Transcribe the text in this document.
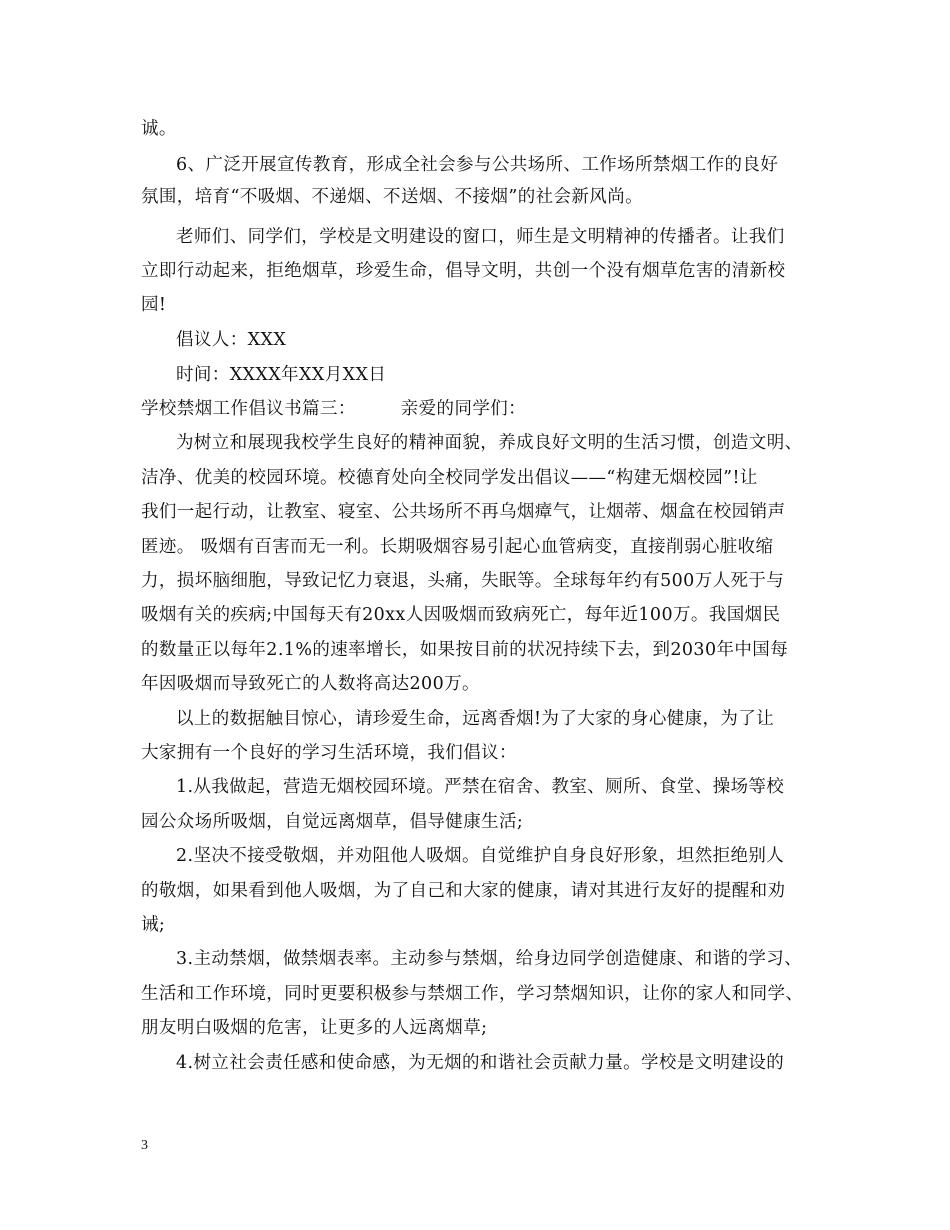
诚。
6、广泛开展宣传教育，形成全社会参与公共场所、工作场所禁烟工作的良好
氛围，培育“不吸烟、不递烟、不送烟、不接烟”的社会新风尚。
老师们、同学们，学校是文明建设的窗口，师生是文明精神的传播者。让我们
立即行动起来，拒绝烟草，珍爱生命，倡导文明，共创一个没有烟草危害的清新校
园!
倡议人：XXX
时间：XXXX年XX月XX日
学校禁烟工作倡议书篇三：　　　亲爱的同学们：
为树立和展现我校学生良好的精神面貌，养成良好文明的生活习惯，创造文明、
洁净、优美的校园环境。校德育处向全校同学发出倡议——“构建无烟校园”!让
我们一起行动，让教室、寝室、公共场所不再乌烟瘴气，让烟蒂、烟盒在校园销声
匿迹。 吸烟有百害而无一利。长期吸烟容易引起心血管病变，直接削弱心脏收缩
力，损坏脑细胞，导致记忆力衰退，头痛，失眠等。全球每年约有500万人死于与
吸烟有关的疾病;中国每天有20xx人因吸烟而致病死亡，每年近100万。我国烟民
的数量正以每年2.1%的速率增长，如果按目前的状况持续下去，到2030年中国每
年因吸烟而导致死亡的人数将高达200万。
以上的数据触目惊心，请珍爱生命，远离香烟!为了大家的身心健康，为了让
大家拥有一个良好的学习生活环境，我们倡议：
1.从我做起，营造无烟校园环境。严禁在宿舍、教室、厕所、食堂、操场等校
园公众场所吸烟，自觉远离烟草，倡导健康生活;
2.坚决不接受敬烟，并劝阻他人吸烟。自觉维护自身良好形象，坦然拒绝别人
的敬烟，如果看到他人吸烟，为了自己和大家的健康，请对其进行友好的提醒和劝
诫;
3.主动禁烟，做禁烟表率。主动参与禁烟，给身边同学创造健康、和谐的学习、
生活和工作环境，同时更要积极参与禁烟工作，学习禁烟知识，让你的家人和同学、
朋友明白吸烟的危害，让更多的人远离烟草;
4.树立社会责任感和使命感，为无烟的和谐社会贡献力量。学校是文明建设的
3
